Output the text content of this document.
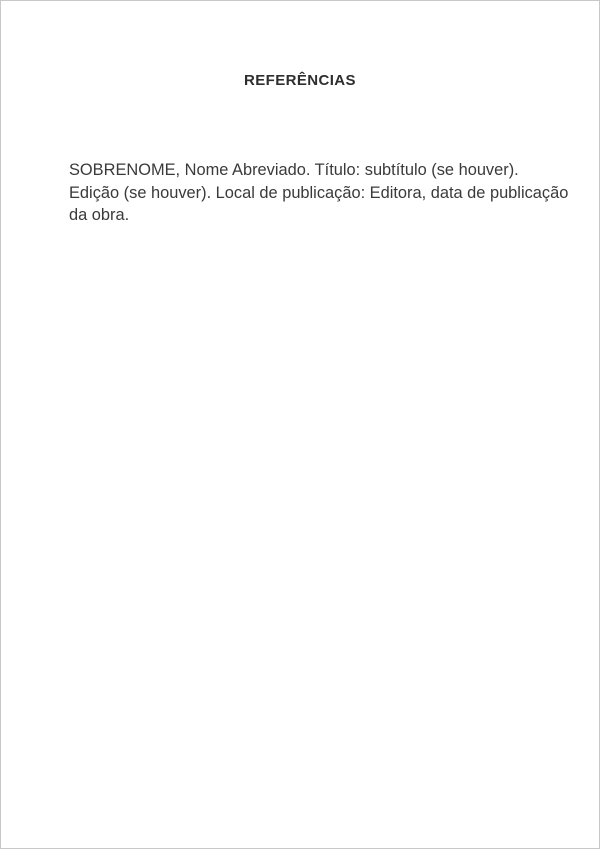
REFERÊNCIAS

SOBRENOME, Nome Abreviado. Título: subtítulo (se houver). Edição (se houver). Local de publicação: Editora, data de publicação da obra.
